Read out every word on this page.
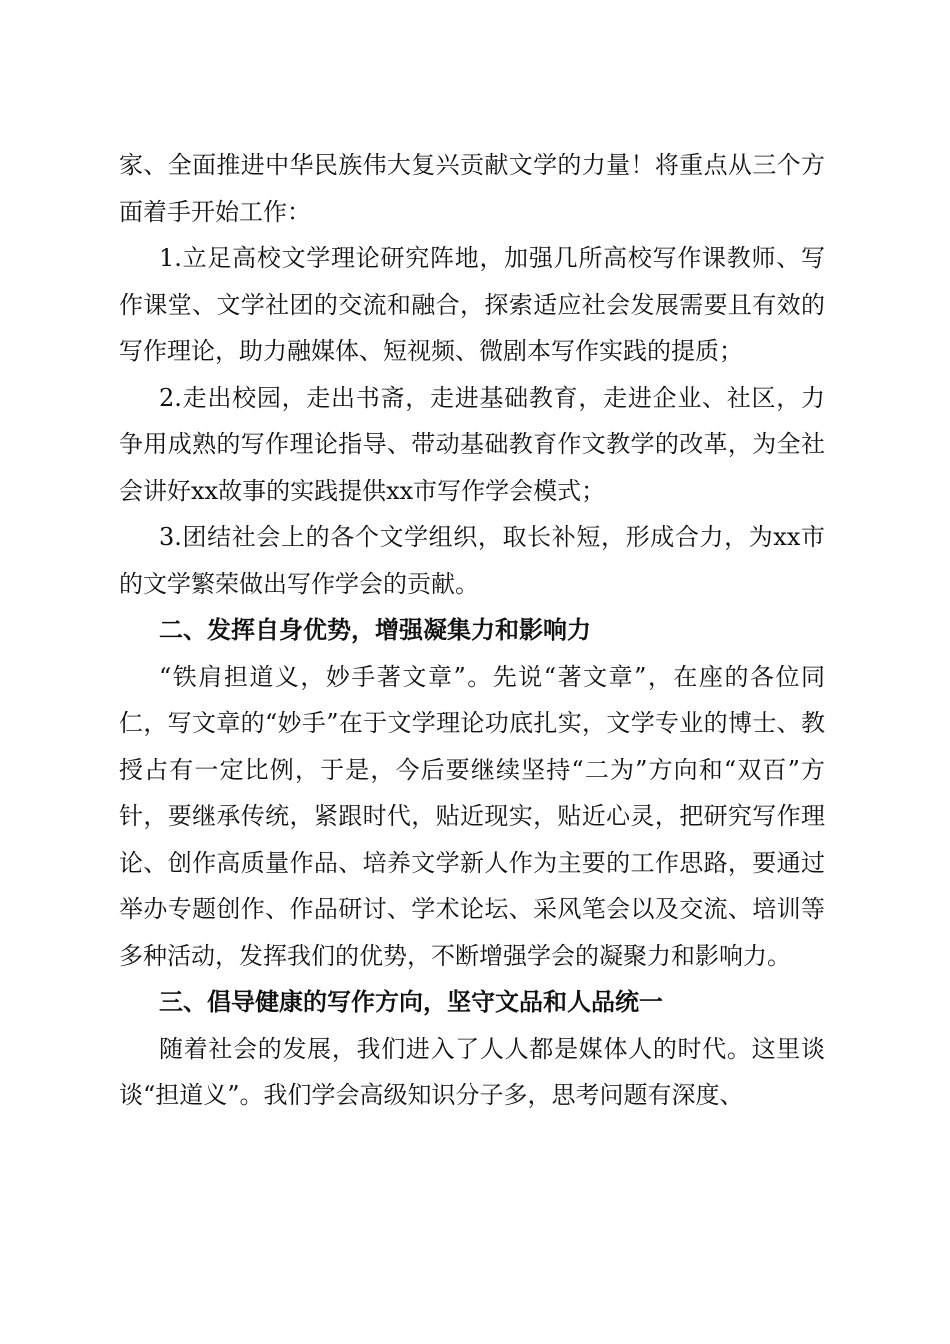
家、全面推进中华民族伟大复兴贡献文学的力量！将重点从三个方面着手开始工作：

1.立足高校文学理论研究阵地，加强几所高校写作课教师、写作课堂、文学社团的交流和融合，探索适应社会发展需要且有效的写作理论，助力融媒体、短视频、微剧本写作实践的提质；

2.走出校园，走出书斋，走进基础教育，走进企业、社区，力争用成熟的写作理论指导、带动基础教育作文教学的改革，为全社会讲好xx故事的实践提供xx市写作学会模式；

3.团结社会上的各个文学组织，取长补短，形成合力，为xx市的文学繁荣做出写作学会的贡献。

二、发挥自身优势，增强凝集力和影响力

“铁肩担道义，妙手著文章”。先说“著文章”，在座的各位同仁，写文章的“妙手”在于文学理论功底扎实，文学专业的博士、教授占有一定比例，于是，今后要继续坚持“二为”方向和“双百”方针，要继承传统，紧跟时代，贴近现实，贴近心灵，把研究写作理论、创作高质量作品、培养文学新人作为主要的工作思路，要通过举办专题创作、作品研讨、学术论坛、采风笔会以及交流、培训等多种活动，发挥我们的优势，不断增强学会的凝聚力和影响力。

三、倡导健康的写作方向，坚守文品和人品统一

随着社会的发展，我们进入了人人都是媒体人的时代。这里谈谈“担道义”。我们学会高级知识分子多，思考问题有深度、
